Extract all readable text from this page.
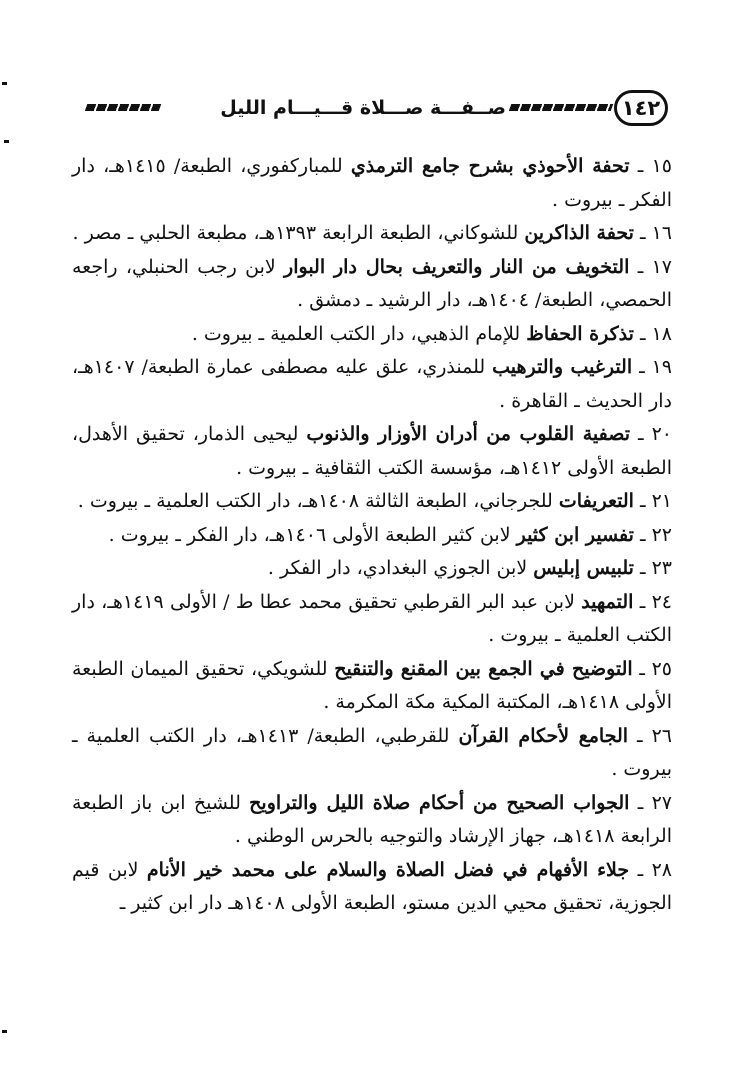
١٤٢
صــفـــة صـــلاة قـــيـــام الليل

١٥ ـ تحفة الأحوذي بشرح جامع الترمذي للمباركفوري، الطبعة/ ١٤١٥هـ، دار الفكر ـ بيروت .

١٦ ـ تحفة الذاكرين للشوكاني، الطبعة الرابعة ١٣٩٣هـ، مطبعة الحلبي ـ مصر .

١٧ ـ التخويف من النار والتعريف بحال دار البوار لابن رجب الحنبلي، راجعه الحمصي، الطبعة/ ١٤٠٤هـ، دار الرشيد ـ دمشق .

١٨ ـ تذكرة الحفاظ للإمام الذهبي، دار الكتب العلمية ـ بيروت .

١٩ ـ الترغيب والترهيب للمنذري، علق عليه مصطفى عمارة الطبعة/ ١٤٠٧هـ، دار الحديث ـ القاهرة .

٢٠ ـ تصفية القلوب من أدران الأوزار والذنوب ليحيى الذمار، تحقيق الأهدل، الطبعة الأولى ١٤١٢هـ، مؤسسة الكتب الثقافية ـ بيروت .

٢١ ـ التعريفات للجرجاني، الطبعة الثالثة ١٤٠٨هـ، دار الكتب العلمية ـ بيروت .

٢٢ ـ تفسير ابن كثير لابن كثير الطبعة الأولى ١٤٠٦هـ، دار الفكر ـ بيروت .

٢٣ ـ تلبيس إبليس لابن الجوزي البغدادي، دار الفكر .

٢٤ ـ التمهيد لابن عبد البر القرطبي تحقيق محمد عطا ط / الأولى ١٤١٩هـ، دار الكتب العلمية ـ بيروت .

٢٥ ـ التوضيح في الجمع بين المقنع والتنقيح للشويكي، تحقيق الميمان الطبعة الأولى ١٤١٨هـ، المكتبة المكية مكة المكرمة .

٢٦ ـ الجامع لأحكام القرآن للقرطبي، الطبعة/ ١٤١٣هـ، دار الكتب العلمية ـ بيروت .

٢٧ ـ الجواب الصحيح من أحكام صلاة الليل والتراويح للشيخ ابن باز الطبعة الرابعة ١٤١٨هـ، جهاز الإرشاد والتوجيه بالحرس الوطني .

٢٨ ـ جلاء الأفهام في فضل الصلاة والسلام على محمد خير الأنام لابن قيم الجوزية، تحقيق محيي الدين مستو، الطبعة الأولى ١٤٠٨هـ دار ابن كثير ـ
